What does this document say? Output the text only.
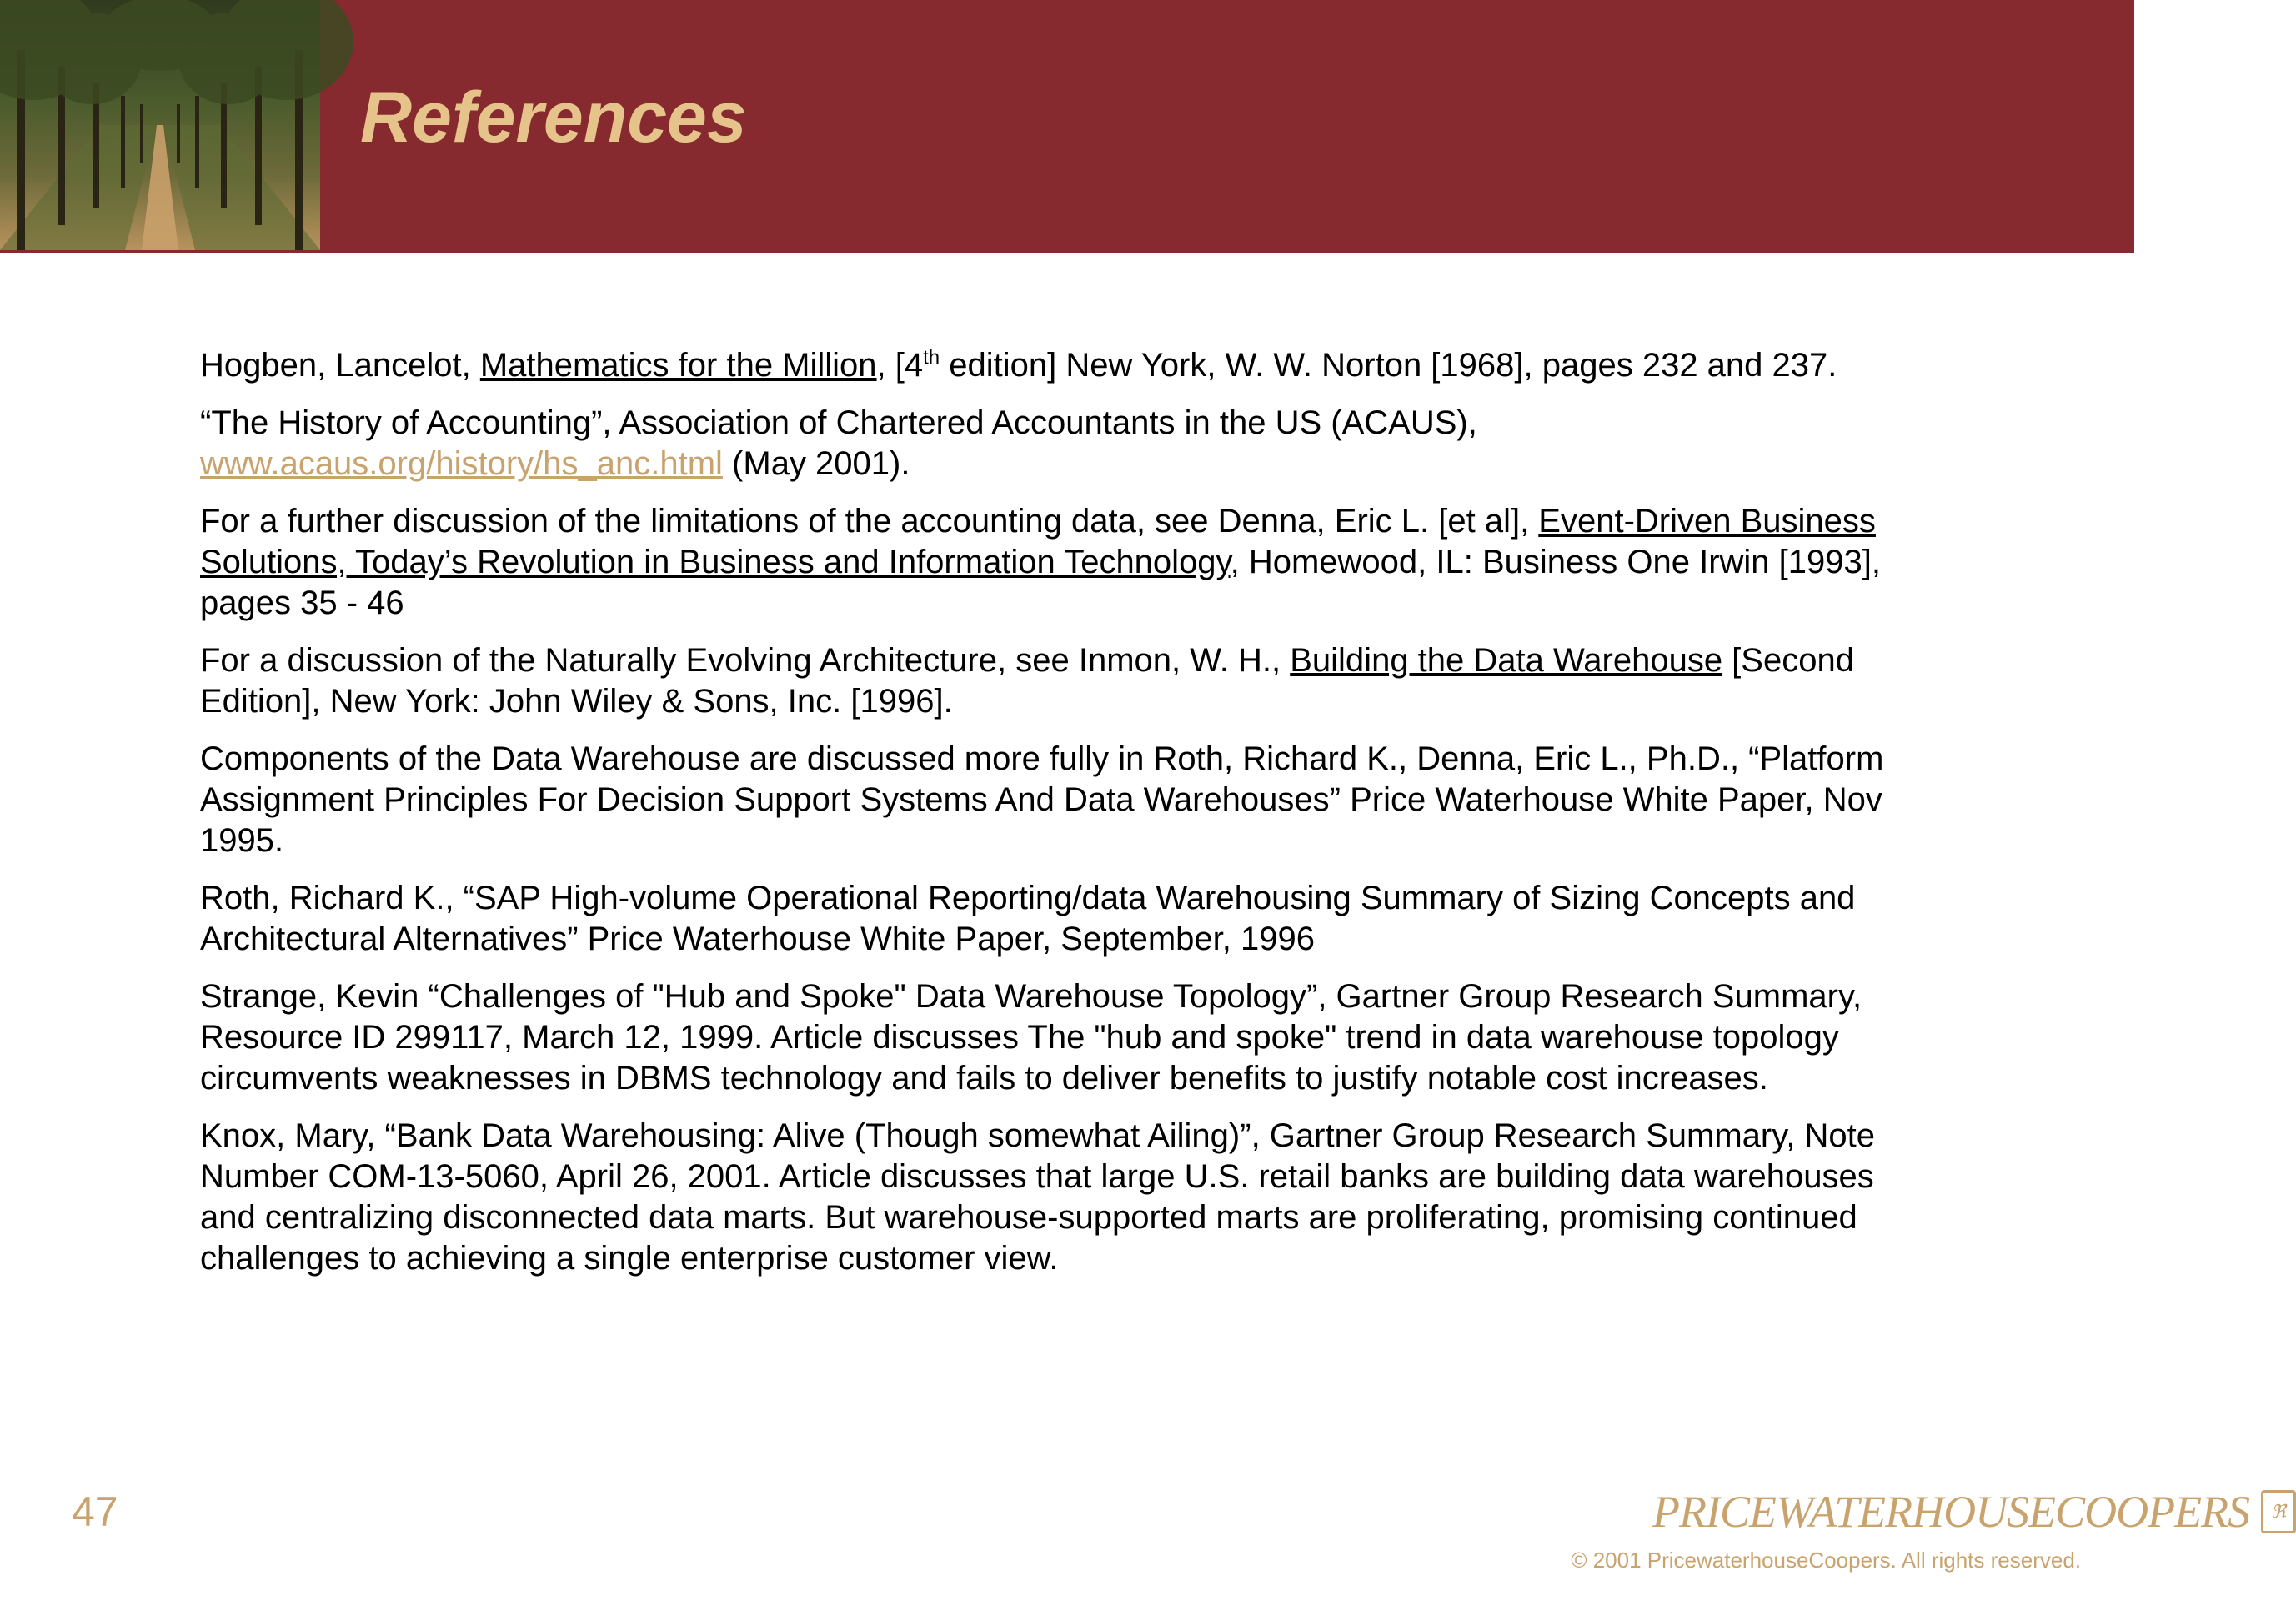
References

Hogben, Lancelot, Mathematics for the Million, [4th edition] New York, W. W. Norton [1968], pages 232 and 237.

“The History of Accounting”, Association of Chartered Accountants in the US (ACAUS), www.acaus.org/history/hs_anc.html (May 2001).

For a further discussion of the limitations of the accounting data, see Denna, Eric L. [et al], Event-Driven Business Solutions, Today’s Revolution in Business and Information Technology, Homewood, IL: Business One Irwin [1993], pages 35 - 46

For a discussion of the Naturally Evolving Architecture, see Inmon, W. H., Building the Data Warehouse [Second Edition], New York: John Wiley & Sons, Inc. [1996].

Components of the Data Warehouse are discussed more fully in Roth, Richard K., Denna, Eric L., Ph.D., “Platform Assignment Principles For Decision Support Systems And Data Warehouses” Price Waterhouse White Paper, Nov 1995.

Roth, Richard K., “SAP High-volume Operational Reporting/data Warehousing Summary of Sizing Concepts and Architectural Alternatives” Price Waterhouse White Paper, September, 1996

Strange, Kevin “Challenges of "Hub and Spoke" Data Warehouse Topology”, Gartner Group Research Summary, Resource ID 299117, March 12, 1999. Article discusses The "hub and spoke" trend in data warehouse topology circumvents weaknesses in DBMS technology and fails to deliver benefits to justify notable cost increases.

Knox, Mary, “Bank Data Warehousing: Alive (Though somewhat Ailing)”, Gartner Group Research Summary, Note Number COM-13-5060, April 26, 2001. Article discusses that large U.S. retail banks are building data warehouses and centralizing disconnected data marts. But warehouse-supported marts are proliferating, promising continued challenges to achieving a single enterprise customer view.

47	PRICEWATERHOUSECOOPERS	ℜ
© 2001 PricewaterhouseCoopers. All rights reserved.
